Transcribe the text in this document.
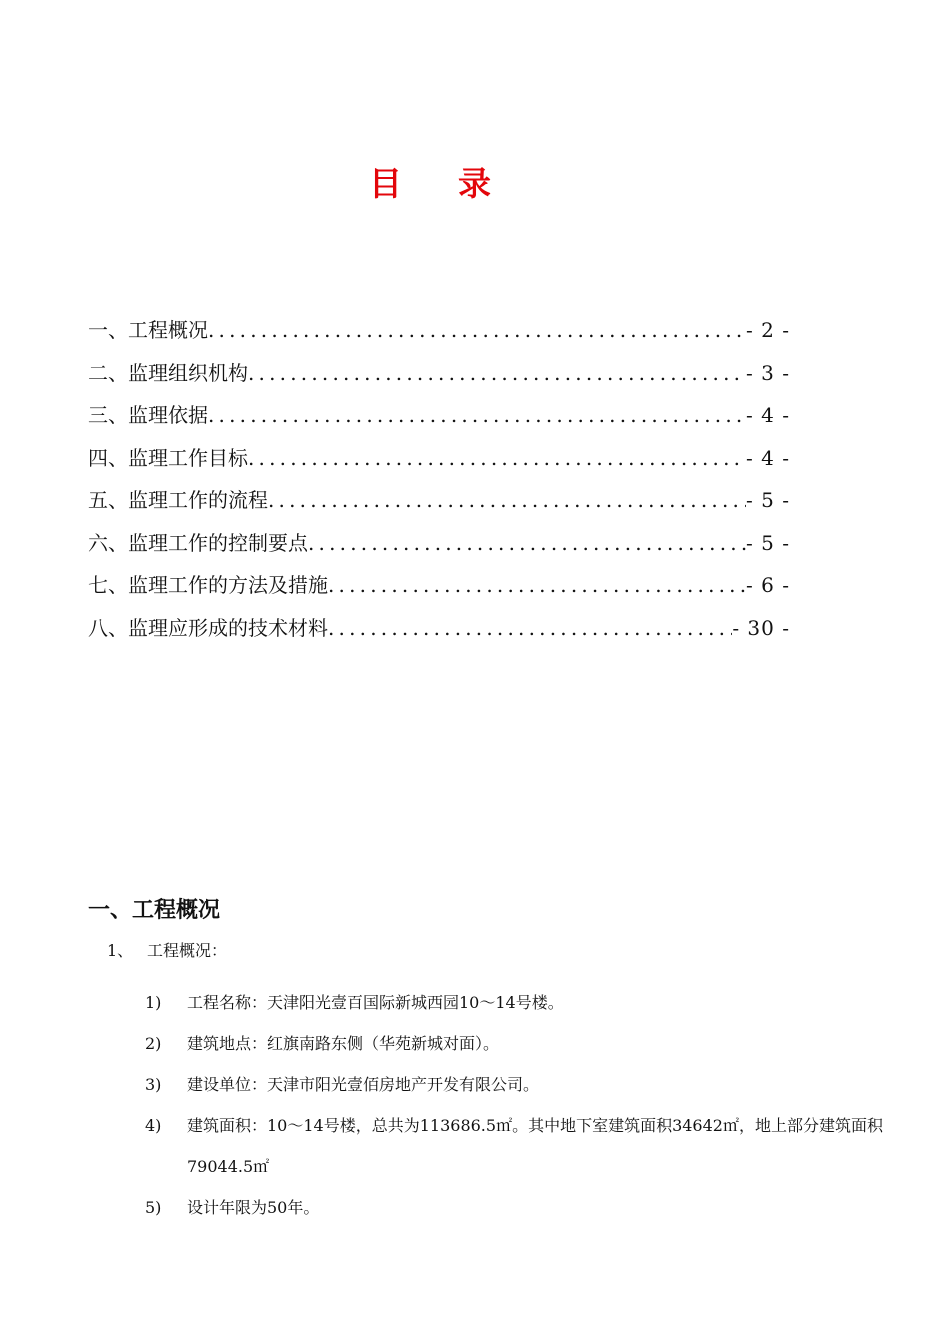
目    录
一、工程概况 .....	- 2 -
二、监理组织机构 .....	- 3 -
三、监理依据 .....	- 4 -
四、监理工作目标 .....	- 4 -
五、监理工作的流程 .....	- 5 -
六、监理工作的控制要点 .....	- 5 -
七、监理工作的方法及措施 .....	- 6 -
八、监理应形成的技术材料 .....	- 30 -
一、工程概况
1、 工程概况：
1)	工程名称：天津阳光壹百国际新城西园10～14号楼。
2)	建筑地点：红旗南路东侧（华苑新城对面）。
3)	建设单位：天津市阳光壹佰房地产开发有限公司。
4)	建筑面积：10～14号楼，总共为113686.5㎡。其中地下室建筑面积34642㎡，地上部分建筑面积79044.5㎡
5)	设计年限为50年。
